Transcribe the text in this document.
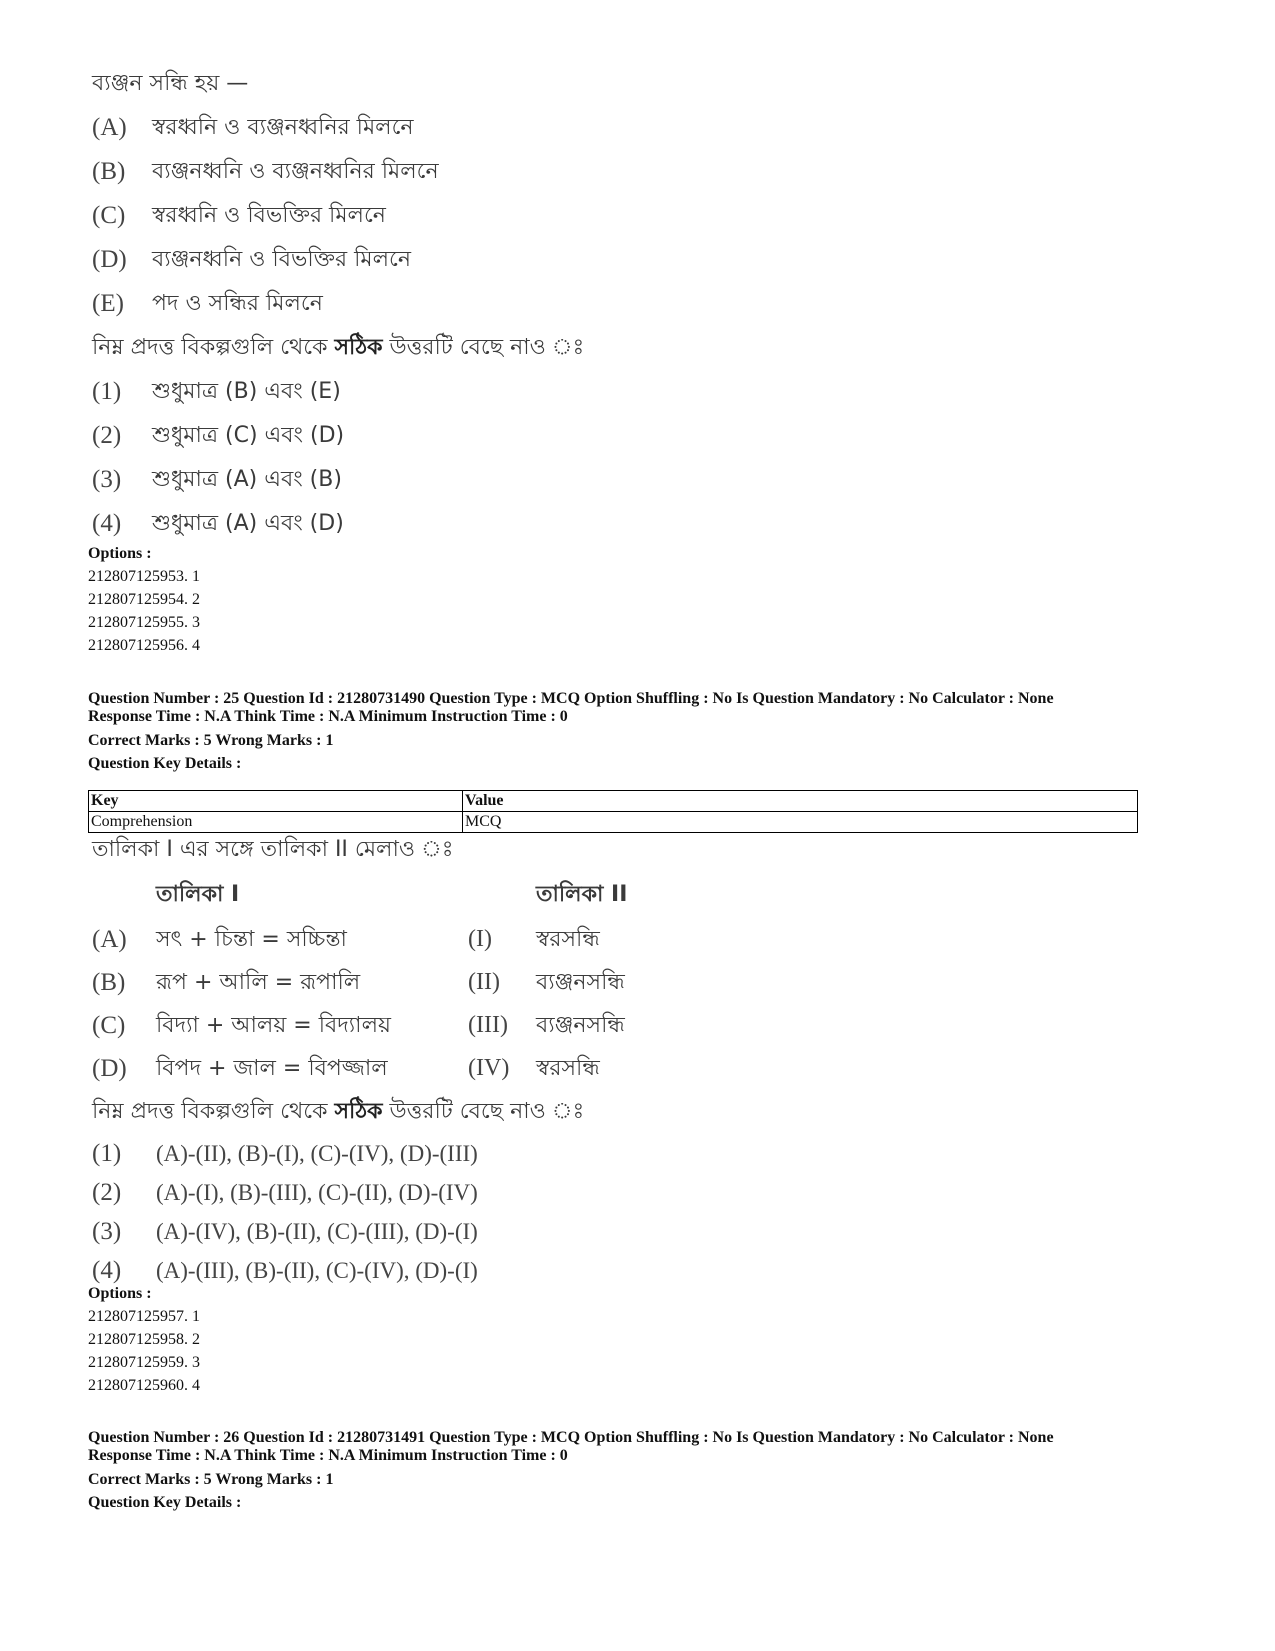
ব্যঞ্জন সন্ধি হয় —
(A)	স্বরধ্বনি ও ব্যঞ্জনধ্বনির মিলনে
(B)	ব্যঞ্জনধ্বনি ও ব্যঞ্জনধ্বনির মিলনে
(C)	স্বরধ্বনি ও বিভক্তির মিলনে
(D)	ব্যঞ্জনধ্বনি ও বিভক্তির মিলনে
(E)	পদ ও সন্ধির মিলনে
নিম্ন প্রদত্ত বিকল্পগুলি থেকে সঠিক উত্তরটি বেছে নাও ঃ
(1)	শুধুমাত্র (B) এবং (E)
(2)	শুধুমাত্র (C) এবং (D)
(3)	শুধুমাত্র (A) এবং (B)
(4)	শুধুমাত্র (A) এবং (D)
Options :
212807125953. 1
212807125954. 2
212807125955. 3
212807125956. 4
Question Number : 25 Question Id : 21280731490 Question Type : MCQ Option Shuffling : No Is Question Mandatory : No Calculator : None
Response Time : N.A Think Time : N.A Minimum Instruction Time : 0
Correct Marks : 5 Wrong Marks : 1
Question Key Details :
Key	Value
Comprehension	MCQ
তালিকা I এর সঙ্গে তালিকা II মেলাও ঃ
তালিকা I	তালিকা II
(A)	সৎ + চিন্তা = সচ্চিন্তা	(I)	স্বরসন্ধি
(B)	রূপ + আলি = রূপালি	(II)	ব্যঞ্জনসন্ধি
(C)	বিদ্যা + আলয় = বিদ্যালয়	(III)	ব্যঞ্জনসন্ধি
(D)	বিপদ + জাল = বিপজ্জাল	(IV)	স্বরসন্ধি
নিম্ন প্রদত্ত বিকল্পগুলি থেকে সঠিক উত্তরটি বেছে নাও ঃ
(1)	(A)-(II), (B)-(I), (C)-(IV), (D)-(III)
(2)	(A)-(I), (B)-(III), (C)-(II), (D)-(IV)
(3)	(A)-(IV), (B)-(II), (C)-(III), (D)-(I)
(4)	(A)-(III), (B)-(II), (C)-(IV), (D)-(I)
Options :
212807125957. 1
212807125958. 2
212807125959. 3
212807125960. 4
Question Number : 26 Question Id : 21280731491 Question Type : MCQ Option Shuffling : No Is Question Mandatory : No Calculator : None
Response Time : N.A Think Time : N.A Minimum Instruction Time : 0
Correct Marks : 5 Wrong Marks : 1
Question Key Details :
